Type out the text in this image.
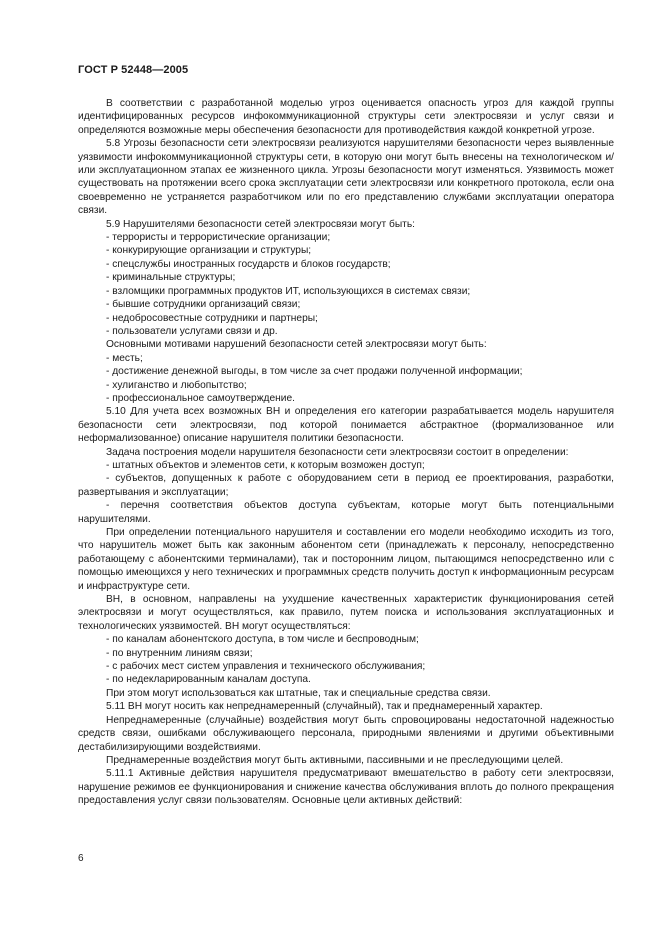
ГОСТ Р 52448—2005

В соответствии с разработанной моделью угроз оценивается опасность угроз для каждой группы идентифицированных ресурсов инфокоммуникационной структуры сети электросвязи и услуг связи и определяются возможные меры обеспечения безопасности для противодействия каждой конкретной угрозе.

5.8 Угрозы безопасности сети электросвязи реализуются нарушителями безопасности через выявленные уязвимости инфокоммуникационной структуры сети, в которую они могут быть внесены на технологическом и/или эксплуатационном этапах ее жизненного цикла. Угрозы безопасности могут изменяться. Уязвимость может существовать на протяжении всего срока эксплуатации сети электросвязи или конкретного протокола, если она своевременно не устраняется разработчиком или по его представлению службами эксплуатации оператора связи.

5.9 Нарушителями безопасности сетей электросвязи могут быть:

- террористы и террористические организации;

- конкурирующие организации и структуры;

- спецслужбы иностранных государств и блоков государств;

- криминальные структуры;

- взломщики программных продуктов ИТ, использующихся в системах связи;

- бывшие сотрудники организаций связи;

- недобросовестные сотрудники и партнеры;

- пользователи услугами связи и др.

Основными мотивами нарушений безопасности сетей электросвязи могут быть:

- месть;

- достижение денежной выгоды, в том числе за счет продажи полученной информации;

- хулиганство и любопытство;

- профессиональное самоутверждение.

5.10 Для учета всех возможных ВН и определения его категории разрабатывается модель нарушителя безопасности сети электросвязи, под которой понимается абстрактное (формализованное или неформализованное) описание нарушителя политики безопасности.

Задача построения модели нарушителя безопасности сети электросвязи состоит в определении:

- штатных объектов и элементов сети, к которым возможен доступ;

- субъектов, допущенных к работе с оборудованием сети в период ее проектирования, разработки, развертывания и эксплуатации;

- перечня соответствия объектов доступа субъектам, которые могут быть потенциальными нарушителями.

При определении потенциального нарушителя и составлении его модели необходимо исходить из того, что нарушитель может быть как законным абонентом сети (принадлежать к персоналу, непосредственно работающему с абонентскими терминалами), так и посторонним лицом, пытающимся непосредственно или с помощью имеющихся у него технических и программных средств получить доступ к информационным ресурсам и инфраструктуре сети.

ВН, в основном, направлены на ухудшение качественных характеристик функционирования сетей электросвязи и могут осуществляться, как правило, путем поиска и использования эксплуатационных и технологических уязвимостей. ВН могут осуществляться:

- по каналам абонентского доступа, в том числе и беспроводным;

- по внутренним линиям связи;

- с рабочих мест систем управления и технического обслуживания;

- по недекларированным каналам доступа.

При этом могут использоваться как штатные, так и специальные средства связи.

5.11 ВН могут носить как непреднамеренный (случайный), так и преднамеренный характер.

Непреднамеренные (случайные) воздействия могут быть спровоцированы недостаточной надежностью средств связи, ошибками обслуживающего персонала, природными явлениями и другими объективными дестабилизирующими воздействиями.

Преднамеренные воздействия могут быть активными, пассивными и не преследующими целей.

5.11.1 Активные действия нарушителя предусматривают вмешательство в работу сети электросвязи, нарушение режимов ее функционирования и снижение качества обслуживания вплоть до полного прекращения предоставления услуг связи пользователям. Основные цели активных действий:

6
